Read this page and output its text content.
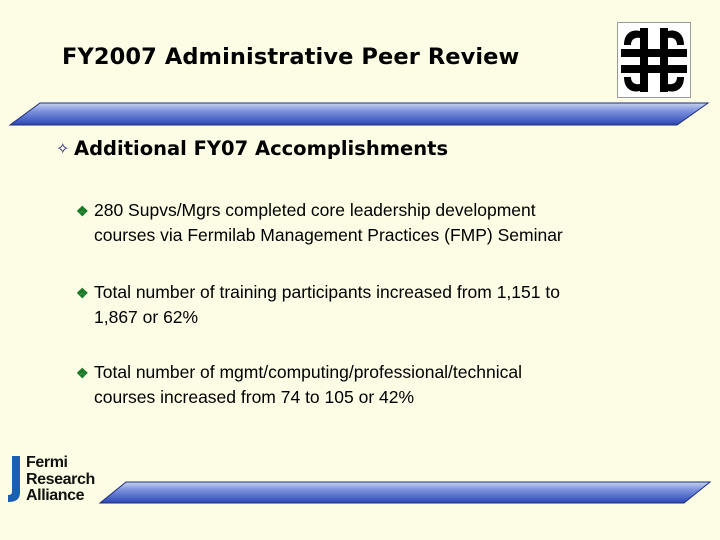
FY2007 Administrative Peer Review
✧ Additional FY07 Accomplishments
❖ 280 Supvs/Mgrs completed core leadership development
courses via Fermilab Management Practices (FMP) Seminar
❖ Total number of training participants increased from 1,151 to
1,867 or 62%
❖ Total number of mgmt/computing/professional/technical
courses increased from 74 to 105 or 42%
Fermi
Research
Alliance
